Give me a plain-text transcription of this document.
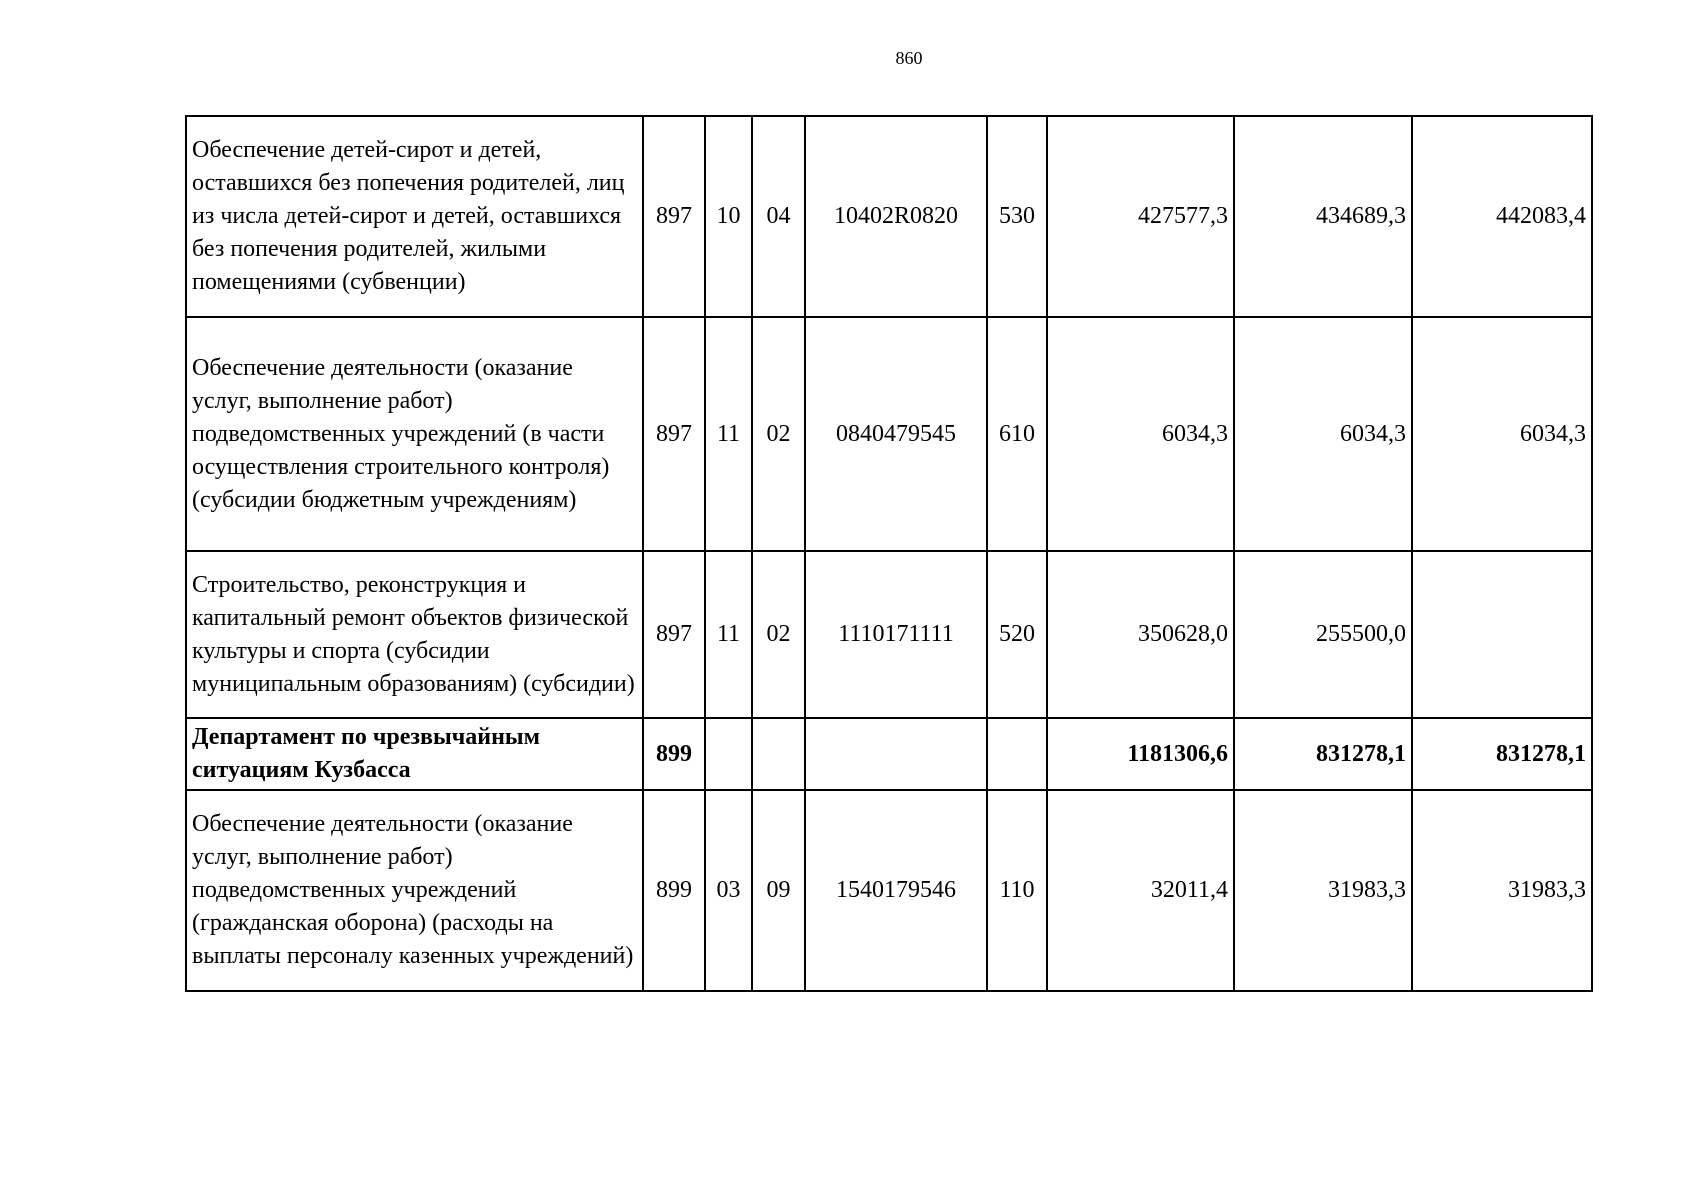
860
Обеспечение детей-сирот и детей, оставшихся без попечения родителей, лиц из числа детей-сирот и детей, оставшихся без попечения родителей, жилыми помещениями (субвенции)	897	10	04	10402R0820	530	427577,3	434689,3	442083,4
Обеспечение деятельности (оказание услуг, выполнение работ) подведомственных учреждений (в части осуществления строительного контроля) (субсидии бюджетным учреждениям)	897	11	02	0840479545	610	6034,3	6034,3	6034,3
Строительство, реконструкция и капитальный ремонт объектов физической культуры и спорта (субсидии муниципальным образованиям) (субсидии)	897	11	02	1110171111	520	350628,0	255500,0	
Департамент по чрезвычайным ситуациям Кузбасса	899					1181306,6	831278,1	831278,1
Обеспечение деятельности (оказание услуг, выполнение работ) подведомственных учреждений (гражданская оборона) (расходы на выплаты персоналу казенных учреждений)	899	03	09	1540179546	110	32011,4	31983,3	31983,3
